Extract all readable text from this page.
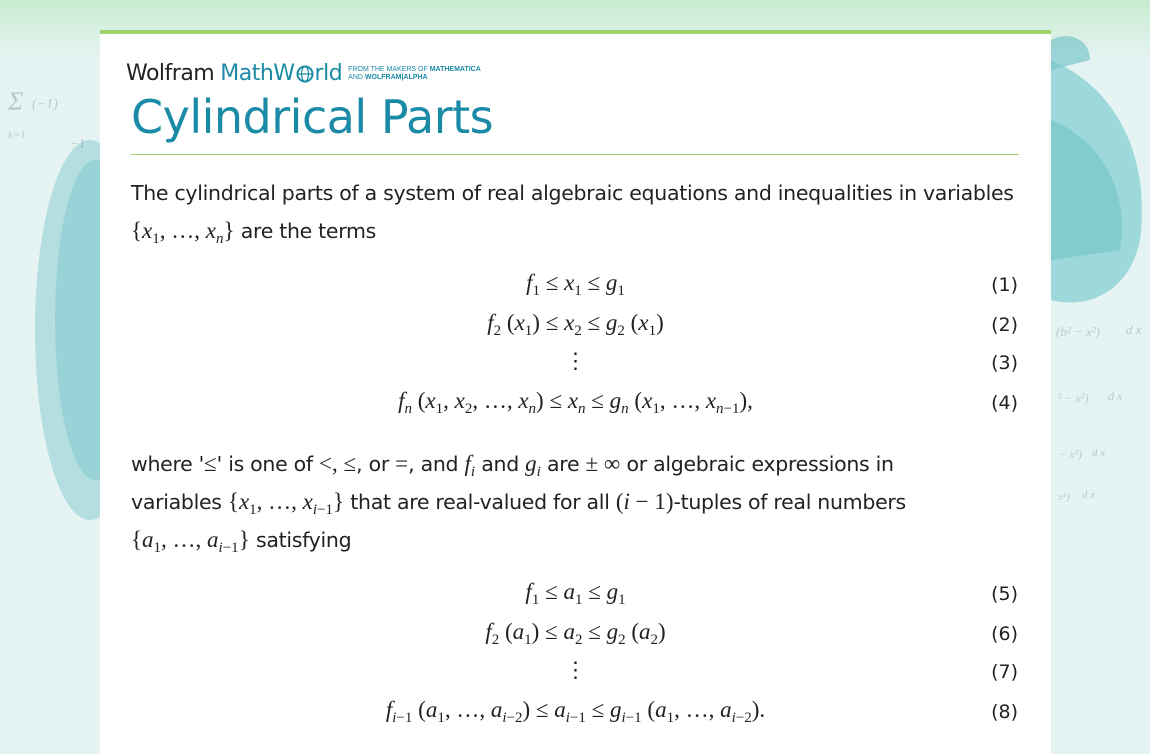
Σ (−1)
k=1
−1
(b² − x²) d x
² − x²) d x
− x²) d x
x²) d x
Wolfram MathW rld FROM THE MAKERS OF MATHEMATICA
AND WOLFRAM|ALPHA
Cylindrical Parts
The cylindrical parts of a system of real algebraic equations and inequalities in variables
{$x_1$, …, $x_n$} are the terms
$f_1 \le x_1 \le g_1$	(1)
$f_2$ $(x_1) \le x_2 \le g_2$ $(x_1)$	(2)
⋮	(3)
$f_n$ ($x_1$, $x_2$, …, $x_n) \le x_n \le g_n$ ($x_1$, …, $x_{n-1}$),	(4)
where '≤' is one of <, ≤, or =, and $f_i$ and $g_i$ are ± ∞ or algebraic expressions in
variables {$x_1$, …, $x_{i-1}$} that are real-valued for all (i − 1)-tuples of real numbers
{$a_1$, …, $a_{i-1}$} satisfying
$f_1 \le a_1 \le g_1$	(5)
$f_2$ $(a_1) \le a_2 \le g_2$ $(a_2)$	(6)
⋮	(7)
$f_{i-1}$ ($a_1$, …, $a_{i-2}) \le a_{i-1} \le g_{i-1}$ ($a_1$, …, $a_{i-2}$).	(8)
